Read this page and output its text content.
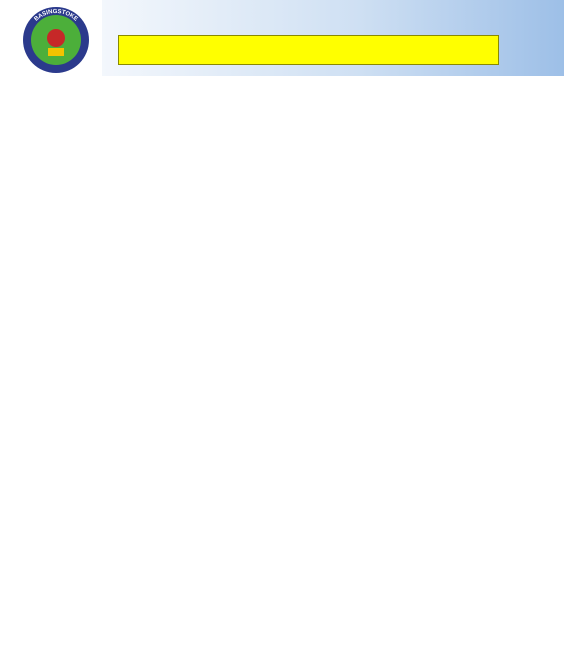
BASINGSTOKE
